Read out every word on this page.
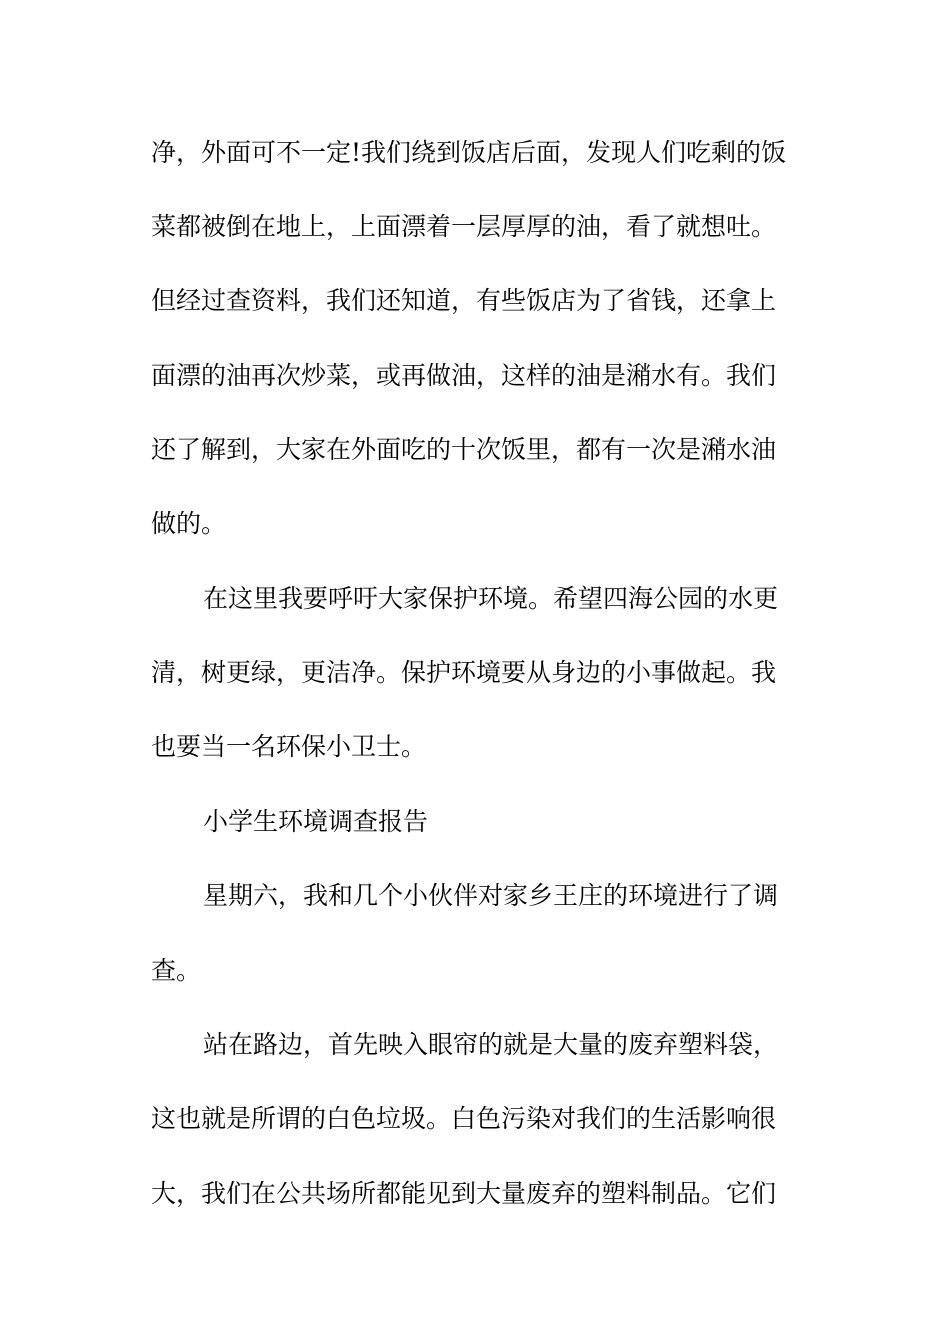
净，外面可不一定!我们绕到饭店后面，发现人们吃剩的饭
菜都被倒在地上，上面漂着一层厚厚的油，看了就想吐。
但经过查资料，我们还知道，有些饭店为了省钱，还拿上
面漂的油再次炒菜，或再做油，这样的油是潲水有。我们
还了解到，大家在外面吃的十次饭里，都有一次是潲水油
做的。
在这里我要呼吁大家保护环境。希望四海公园的水更
清，树更绿，更洁净。保护环境要从身边的小事做起。我
也要当一名环保小卫士。
小学生环境调查报告
星期六，我和几个小伙伴对家乡王庄的环境进行了调
查。
站在路边，首先映入眼帘的就是大量的废弃塑料袋，
这也就是所谓的白色垃圾。白色污染对我们的生活影响很
大，我们在公共场所都能见到大量废弃的塑料制品。它们
